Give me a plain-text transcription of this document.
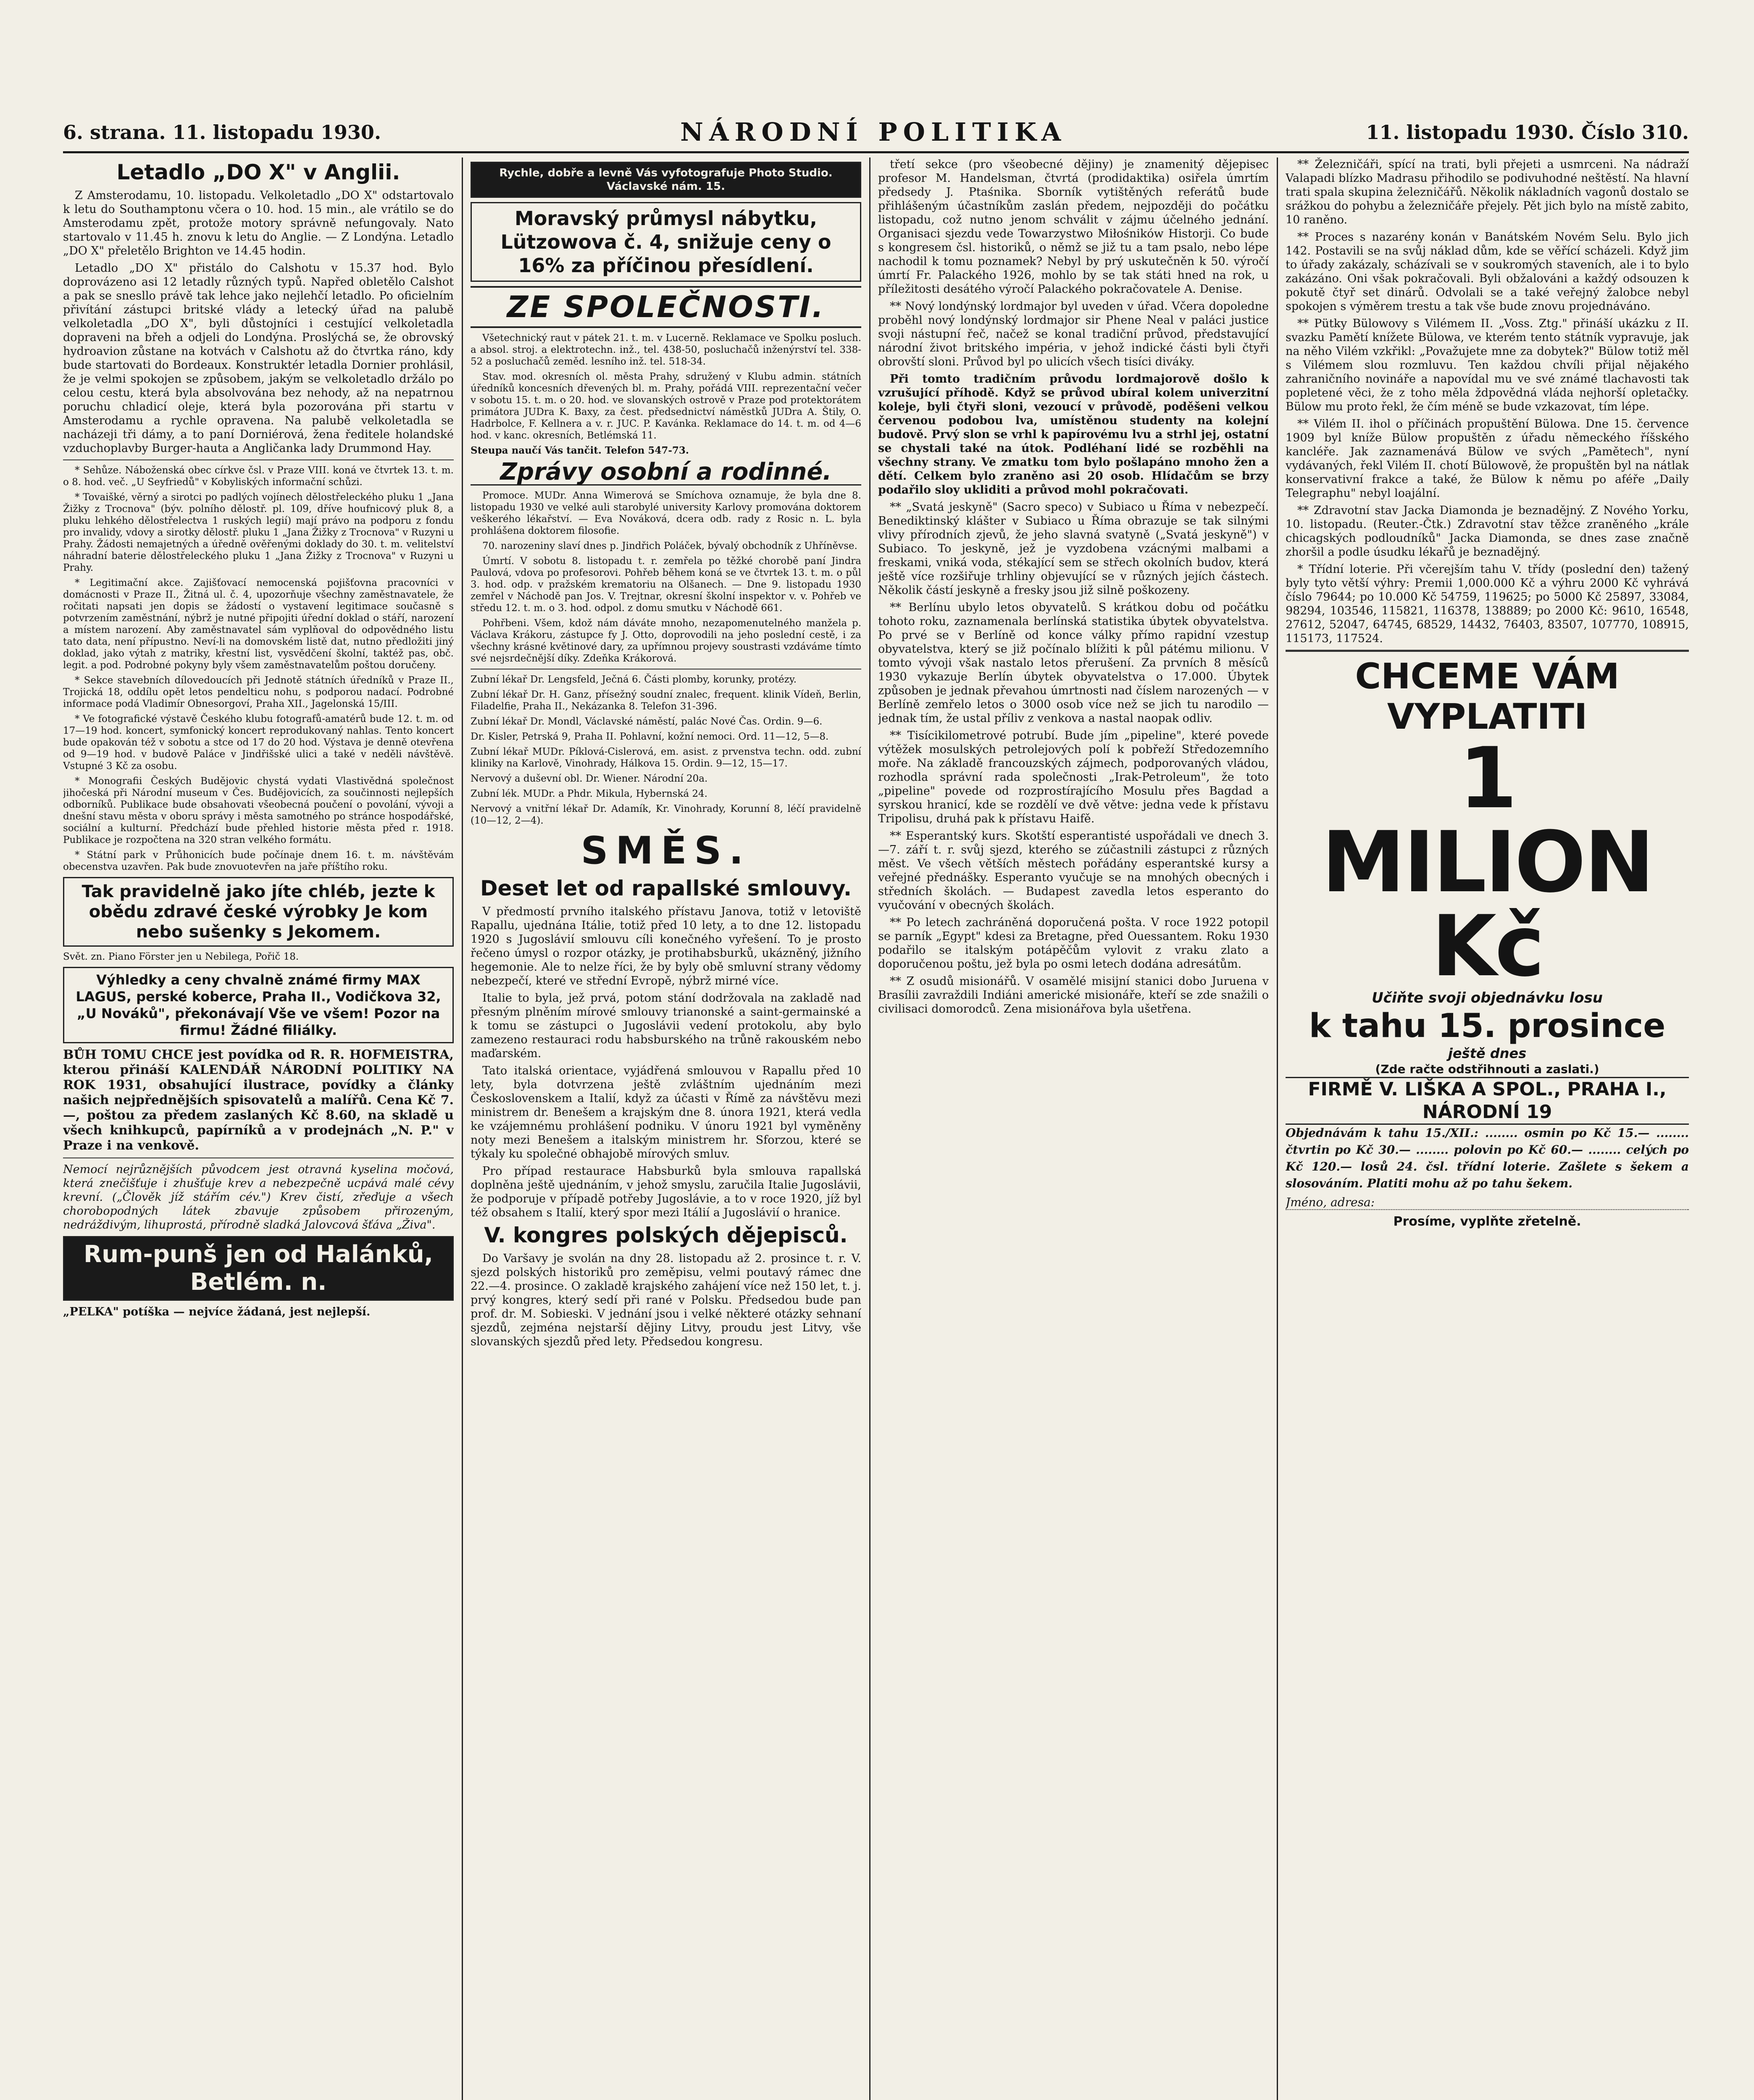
6. strana. 11. listopadu 1930.	NÁRODNÍ POLITIKA	11. listopadu 1930. Číslo 310.
Letadlo „DO X" v Anglii.

Z Amsterodamu, 10. listopadu. Velkoletadlo „DO X" odstartovalo k letu do Southamptonu včera o 10. hod. 15 min., ale vrátilo se do Amsterodamu zpět, protože motory správně nefungovaly. Nato startovalo v 11.45 h. znovu k letu do Anglie. — Z Londýna. Letadlo „DO X" přeletělo Brighton ve 14.45 hodin.

Letadlo „DO X" přistálo do Calshotu v 15.37 hod. Bylo doprovázeno asi 12 letadly různých typů. Napřed obletělo Calshot a pak se snesllo právě tak lehce jako nejlehčí letadlo. Po oficielním přivítání zástupci britské vlády a letecký úřad na palubě velkoletadla „DO X", byli důstojníci i cestující velkoletadla dopraveni na břeh a odjeli do Londýna. Proslýchá se, že obrovský hydroavion zůstane na kotvách v Calshotu až do čtvrtka ráno, kdy bude startovati do Bordeaux. Konstruktér letadla Dornier prohlásil, že je velmi spokojen se způsobem, jakým se velkoletadlo držálo po celou cestu, která byla absolvována bez nehody, až na nepatrnou poruchu chladicí oleje, která byla pozorována při startu v Amsterodamu a rychle opravena. Na palubě velkoletadla se nacházeji tři dámy, a to paní Dorniérová, žena ředitele holandské vzduchoplavby Burger-hauta a Angličanka lady Drummond Hay.

* Sehůze. Náboženská obec církve čsl. v Praze VIII. koná ve čtvrtek 13. t. m. o 8. hod. več. „U Seyfriedů" v Kobyliských informační schůzi.

* Tovaišké, věrný a sirotci po padlých vojínech dělostřeleckého pluku 1 „Jana Žižky z Trocnova" (býv. polního dělostř. pl. 109, dříve houfnicový pluk 8, a pluku lehkého dělostřelectva 1 ruských legií) mají právo na podporu z fondu pro invalidy, vdovy a sirotky dělostř. pluku 1 „Jana Žižky z Trocnova" v Ruzyni u Prahy. Žádosti nemajetných a úředně ověřenými doklady do 30. t. m. velitelství náhradní baterie dělostřeleckého pluku 1 „Jana Žižky z Trocnova" v Ruzyni u Prahy.

* Legitimační akce. Zajišťovací nemocenská pojišťovna pracovníci v domácnosti v Praze II., Žitná ul. č. 4, upozorňuje všechny zaměstnavatele, že ročitati napsati jen dopis se žádostí o vystavení legitimace současně s potvrzením zaměstnání, nýbrž je nutné připojiti úřední doklad o stáří, narození a místem narození. Aby zaměstnavatel sám vyplňoval do odpovědného listu tato data, není přípustno. Neví-li na domovském listě dat, nutno předložiti jiný doklad, jako výtah z matriky, křestní list, vysvědčení školní, taktéž pas, obč. legit. a pod. Podrobné pokyny byly všem zaměstnavatelům poštou doručeny.

* Sekce stavebních dílovedoucích při Jednotě státních úředníků v Praze II., Trojická 18, oddílu opět letos pendelticu nohu, s podporou nadací. Podrobné informace podá Vladimír Obnesorgoví, Praha XII., Jagelonská 15/III.

* Ve fotografické výstavě Českého klubu fotografů-amatérů bude 12. t. m. od 17—19 hod. koncert, symfonický koncert reprodukovaný nahlas. Tento koncert bude opakován též v sobotu a stce od 17 do 20 hod. Výstava je denně otevřena od 9—19 hod. v budově Paláce v Jindřišské ulici a také v neděli návštěvě. Vstupné 3 Kč za osobu.

* Monografii Českých Budějovic chystá vydati Vlastivědná společnost jihočeská při Národní museum v Čes. Budějovicích, za součinnosti nejlepších odborníků. Publikace bude obsahovati všeobecná poučení o povolání, vývoji a dnešní stavu města v oboru správy i města samotného po stránce hospodářské, sociální a kulturní. Předchází bude přehled historie města před r. 1918. Publikace je rozpočtena na 320 stran velkého formátu.

* Státní park v Průhonicích bude počínaje dnem 16. t. m. návštěvám obecenstva uzavřen. Pak bude znovuotevřen na jaře příštího roku.

Tak pravidelně jako jíte chléb, jezte k obědu zdravé české výrobky Je kom nebo sušenky s Jekomem.

Svět. zn. Piano Förster jen u Nebilega, Pořič 18.

Výhledky a ceny chvalně známé firmy MAX LAGUS, perské koberce, Praha II., Vodičkova 32, „U Nováků", překonávají Vše ve všem! Pozor na firmu! Žádné filiálky.

BŮH TOMU CHCE jest povídka od R. R. HOFMEISTRA, kterou přináší KALENDÁŘ NÁRODNÍ POLITIKY NA ROK 1931, obsahující ilustrace, povídky a články našich nejpřednějších spisovatelů a malířů. Cena Kč 7.—, poštou za předem zaslaných Kč 8.60, na skladě u všech knihkupců, papírníků a v prodejnách „N. P." v Praze i na venkově.

Nemocí nejrůznějších původcem jest otravná kyselina močová, která znečišťuje i zhušťuje krev a nebezpečně ucpává malé cévy krevní. („Člověk jíž stářím cév.") Krev čistí, zřeďuje a všech chorobopodných látek zbavuje způsobem přirozeným, nedráždivým, lihuprostá, přírodně sladká Jalovcová šťáva „Živa".

Rum-punš jen od Halánků, Betlém. n.

„PELKA" potíška — nejvíce žádaná, jest nejlepší.

Rychle, dobře a levně Vás vyfotografuje Photo Studio. Václavské nám. 15.
Moravský průmysl nábytku, Lützowova č. 4, snižuje ceny o 16% za příčinou přesídlení.
ZE SPOLEČNOSTI.

Všetechnický raut v pátek 21. t. m. v Lucerně. Reklamace ve Spolku posluch. a absol. stroj. a elektrotechn. inž., tel. 438-50, posluchačů inženýrství tel. 338-52 a posluchačů zeměd. lesního inž. tel. 518-34.

Stav. mod. okresních ol. města Prahy, sdružený v Klubu admin. státních úředníků koncesních dřevených bl. m. Prahy, pořádá VIII. reprezentační večer v sobotu 15. t. m. o 20. hod. ve slovanských ostrově v Praze pod protektorátem primátora JUDra K. Baxy, za čest. předsednictví náměstků JUDra A. Štily, O. Hadrbolce, F. Kellnera a v. r. JUC. P. Kavánka. Reklamace do 14. t. m. od 4—6 hod. v kanc. okresních, Betlémská 11.

Steupa naučí Vás tančit. Telefon 547-73.

Zprávy osobní a rodinné.

Promoce. MUDr. Anna Wimerová se Smíchova oznamuje, že byla dne 8. listopadu 1930 ve velké auli starobylé university Karlovy promována doktorem veškerého lékařství. — Eva Nováková, dcera odb. rady z Rosic n. L. byla prohlášena doktorem filosofie.

70. narozeniny slaví dnes p. Jindřich Poláček, bývalý obchodník z Uhříněvse.

Úmrtí. V sobotu 8. listopadu t. r. zemřela po těžké chorobě paní Jindra Paulová, vdova po profesorovi. Pohřeb během koná se ve čtvrtek 13. t. m. o půl 3. hod. odp. v pražském krematoriu na Olšanech. — Dne 9. listopadu 1930 zemřel v Náchodě pan Jos. V. Trejtnar, okresní školní inspektor v. v. Pohřeb ve středu 12. t. m. o 3. hod. odpol. z domu smutku v Náchodě 661.

Pohřbeni. Všem, kdož nám dáváte mnoho, nezapomenutelného manžela p. Václava Krákoru, zástupce fy J. Otto, doprovodili na jeho poslední cestě, i za všechny krásné květinové dary, za upřímnou projevy soustrasti vzdáváme tímto své nejsrdečnější díky. Zdeňka Krákorová.

Zubní lékař Dr. Lengsfeld, Ječná 6. Části plomby, korunky, protézy.

Zubní lékař Dr. H. Ganz, přísežný soudní znalec, frequent. klinik Vídeň, Berlin, Filadelfie, Praha II., Nekázanka 8. Telefon 31-396.

Zubní lékař Dr. Mondl, Václavské náměstí, palác Nové Čas. Ordin. 9—6.

Dr. Kisler, Petrská 9, Praha II. Pohlavní, kožní nemoci. Ord. 11—12, 5—8.

Zubní lékař MUDr. Píklová-Cislerová, em. asist. z prvenstva techn. odd. zubní kliniky na Karlově, Vinohrady, Hálkova 15. Ordin. 9—12, 15—17.

Nervový a duševní obl. Dr. Wiener. Národní 20a.

Zubní lék. MUDr. a Phdr. Mikula, Hybernská 24.

Nervový a vnitřní lékař Dr. Adamík, Kr. Vinohrady, Korunní 8, léčí pravidelně (10—12, 2—4).

SMĚS.
Deset let od rapallské smlouvy.

V předmostí prvního italského přístavu Janova, totiž v letoviště Rapallu, ujednána Itálie, totiž před 10 lety, a to dne 12. listopadu 1920 s Jugoslávií smlouvu cíli konečného vyřešení. To je prosto řečeno úmysl o rozpor otázky, je protihabsburků, ukázněný, jižního hegemonie. Ale to nelze říci, že by byly obě smluvní strany vědomy nebezpečí, které ve střední Evropě, nýbrž mirné více.

Italie to byla, jež prvá, potom stání dodržovala na zakladě nad přesným plněním mírové smlouvy trianonské a saint-germainské a k tomu se zástupci o Jugoslávii vedení protokolu, aby bylo zamezeno restauraci rodu habsburského na trůně rakouském nebo maďarském.

Tato italská orientace, vyjádřená smlouvou v Rapallu před 10 lety, byla dotvrzena ještě zvláštním ujednáním mezi Československem a Italií, když za účasti v Římě za návštěvu mezi ministrem dr. Benešem a krajským dne 8. února 1921, která vedla ke vzájemnému prohlášení podniku. V únoru 1921 byl vyměněny noty mezi Benešem a italským ministrem hr. Sforzou, které se týkaly ku společné obhajobě mírových smluv.

Pro případ restaurace Habsburků byla smlouva rapallská doplněna ještě ujednáním, v jehož smyslu, zaručila Italie Jugoslávii, že podporuje v případě potřeby Jugoslávie, a to v roce 1920, jíž byl též obsahem s Italií, který spor mezi Itálií a Jugoslávií o hranice.

V. kongres polských dějepisců.

Do Varšavy je svolán na dny 28. listopadu až 2. prosince t. r. V. sjezd polských historiků pro zeměpisu, velmi poutavý rámec dne 22.—4. prosince. O zakladě krajského zahájení více než 150 let, t. j. prvý kongres, který sedí při rané v Polsku. Předsedou bude pan prof. dr. M. Sobieski. V jednání jsou i velké některé otázky sehnaní sjezdů, zejména nejstarší dějiny Litvy, proudu jest Litvy, vše slovanských sjezdů před lety. Předsedou kongresu.

třetí sekce (pro všeobecné dějiny) je znamenitý dějepisec profesor M. Handelsman, čtvrtá (prodidaktika) osiřela úmrtím předsedy J. Ptaśnika. Sborník vytištěných referátů bude přihlášeným účastníkům zaslán předem, nejpozději do počátku listopadu, což nutno jenom schválit v zájmu účelného jednání. Organisaci sjezdu vede Towarzystwo Miłośników Historji. Co bude s kongresem čsl. historiků, o němž se již tu a tam psalo, nebo lépe nachodil k tomu poznamek? Nebyl by prý uskutečněn k 50. výročí úmrtí Fr. Palackého 1926, mohlo by se tak státi hned na rok, u příležitosti desátého výročí Palackého pokračovatele A. Denise.

** Nový londýnský lordmajor byl uveden v úřad. Včera dopoledne proběhl nový londýnský lordmajor sir Phene Neal v paláci justice svoji nástupní řeč, načež se konal tradiční průvod, představující národní život britského impéria, v jehož indické části byli čtyři obrovští sloni. Průvod byl po ulicích všech tisíci diváky.

Při tomto tradičním průvodu lordmajorově došlo k vzrušující příhodě. Když se průvod ubíral kolem univerzitní koleje, byli čtyři sloni, vezoucí v průvodě, poděšeni velkou červenou podobou lva, umístěnou studenty na kolejní budově. Prvý slon se vrhl k papírovému lvu a strhl jej, ostatní se chystali také na útok. Podléhaní lidé se rozběhli na všechny strany. Ve zmatku tom bylo pošlapáno mnoho žen a dětí. Celkem bylo zraněno asi 20 osob. Hlídačům se brzy podařilo sloy ukliditi a průvod mohl pokračovati.

** „Svatá jeskyně" (Sacro speco) v Subiaco u Říma v nebezpečí. Benediktinský klášter v Subiaco u Říma obrazuje se tak silnými vlivy přírodních zjevů, že jeho slavná svatyně („Svatá jeskyně") v Subiaco. To jeskyně, jež je vyzdobena vzácnými malbami a freskami, vniká voda, stékající sem se střech okolních budov, která ještě více rozšiřuje trhliny objevující se v různých jejích částech. Několik částí jeskyně a fresky jsou již silně poškozeny.

** Berlínu ubylo letos obyvatelů. S krátkou dobu od počátku tohoto roku, zaznamenala berlínská statistika úbytek obyvatelstva. Po prvé se v Berlíně od konce války přímo rapidní vzestup obyvatelstva, který se již počínalo blížiti k půl pátému milionu. V tomto vývoji však nastalo letos přerušení. Za prvních 8 měsíců 1930 vykazuje Berlín úbytek obyvatelstva o 17.000. Úbytek způsoben je jednak převahou úmrtnosti nad číslem narozených — v Berlíně zemřelo letos o 3000 osob více než se jich tu narodilo — jednak tím, že ustal příliv z venkova a nastal naopak odliv.

** Tisícikilometrové potrubí. Bude jím „pipeline", které povede výtěžek mosulských petrolejových polí k pobřeží Středozemního moře. Na základě francouzských zájmech, podporovaných vládou, rozhodla správní rada společnosti „Irak-Petroleum", že toto „pipeline" povede od rozprostírajícího Mosulu přes Bagdad a syrskou hranicí, kde se rozdělí ve dvě větve: jedna vede k přístavu Tripolisu, druhá pak k přístavu Haifě.

** Esperantský kurs. Skotští esperantisté uspořádali ve dnech 3.—7. září t. r. svůj sjezd, kterého se zúčastnili zástupci z různých měst. Ve všech větších městech pořádány esperantské kursy a veřejné přednášky. Esperanto vyučuje se na mnohých obecných i středních školách. — Budapest zavedla letos esperanto do vyučování v obecných školách.

** Po letech zachráněná doporučená pošta. V roce 1922 potopil se parník „Egypt" kdesi za Bretagne, před Ouessantem. Roku 1930 podařilo se italským potápěčům vylovit z vraku zlato a doporučenou poštu, jež byla po osmi letech dodána adresátům.

** Z osudů misionářů. V osamělé misijní stanici dobo Juruena v Brasílii zavraždili Indiáni americké misionáře, kteří se zde snažili o civilisaci domorodců. Zena misionářova byla ušetřena.

** Železničáři, spící na trati, byli přejeti a usmrceni. Na nádraží Valapadi blízko Madrasu přihodilo se podivuhodné neštěstí. Na hlavní trati spala skupina železničářů. Několik nákladních vagonů dostalo se srážkou do pohybu a železničáře přejely. Pět jich bylo na místě zabito, 10 raněno.

** Proces s nazarény konán v Banátském Novém Selu. Bylo jich 142. Postavili se na svůj náklad dům, kde se věřící scházeli. Když jim to úřady zakázaly, scházívali se v soukromých staveních, ale i to bylo zakázáno. Oni však pokračovali. Byli obžalováni a každý odsouzen k pokutě čtyř set dinárů. Odvolali se a také veřejný žalobce nebyl spokojen s výměrem trestu a tak vše bude znovu projednáváno.

** Pütky Bülowovy s Vilémem II. „Voss. Ztg." přináší ukázku z II. svazku Pamětí knížete Bülowa, ve kterém tento státník vypravuje, jak na něho Vilém vzkřikl: „Považujete mne za dobytek?" Bülow totiž měl s Vilémem slou rozmluvu. Ten každou chvíli přijal nějakého zahraničního novináře a napovídal mu ve své známé tlachavosti tak popletené věci, že z toho měla ždpovědná vláda nejhorší opletačky. Bülow mu proto řekl, že čím méně se bude vzkazovat, tím lépe.

** Vilém II. ihol o příčinách propuštění Bülowa. Dne 15. července 1909 byl kníže Bülow propuštěn z úřadu německého říšského kancléře. Jak zaznamenává Bülow ve svých „Pamětech", nyní vydávaných, řekl Vilém II. chotí Bülowově, že propuštěn byl na nátlak konservativní frakce a také, že Bülow k němu po aféře „Daily Telegraphu" nebyl loajální.

** Zdravotní stav Jacka Diamonda je beznadějný. Z Nového Yorku, 10. listopadu. (Reuter.-Čtk.) Zdravotní stav těžce zraněného „krále chicagských podloudníků" Jacka Diamonda, se dnes zase značně zhoršil a podle úsudku lékařů je beznadějný.

* Třídní loterie. Při včerejším tahu V. třídy (poslední den) tažený byly tyto větší výhry: Premii 1,000.000 Kč a výhru 2000 Kč vyhrává číslo 79644; po 10.000 Kč 54759, 119625; po 5000 Kč 25897, 33084, 98294, 103546, 115821, 116378, 138889; po 2000 Kč: 9610, 16548, 27612, 52047, 64745, 68529, 14432, 76403, 83507, 107770, 108915, 115173, 117524.

CHCEME VÁM VYPLATITI
1 MILION Kč
Učiňte svoji objednávku losu
k tahu 15. prosince
ještě dnes
(Zde račte odstřihnouti a zaslati.)
FIRMĚ V. LIŠKA A SPOL., PRAHA I., NÁRODNÍ 19

Objednávám k tahu 15./XII.: ........ osmin po Kč 15.— ........ čtvrtin po Kč 30.— ........ polovin po Kč 60.— ........ celých po Kč 120.— losů 24. čsl. třídní loterie. Zašlete s šekem a slosováním. Platiti mohu až po tahu šekem.

Jméno, adresa:

Prosíme, vyplňte zřetelně.
